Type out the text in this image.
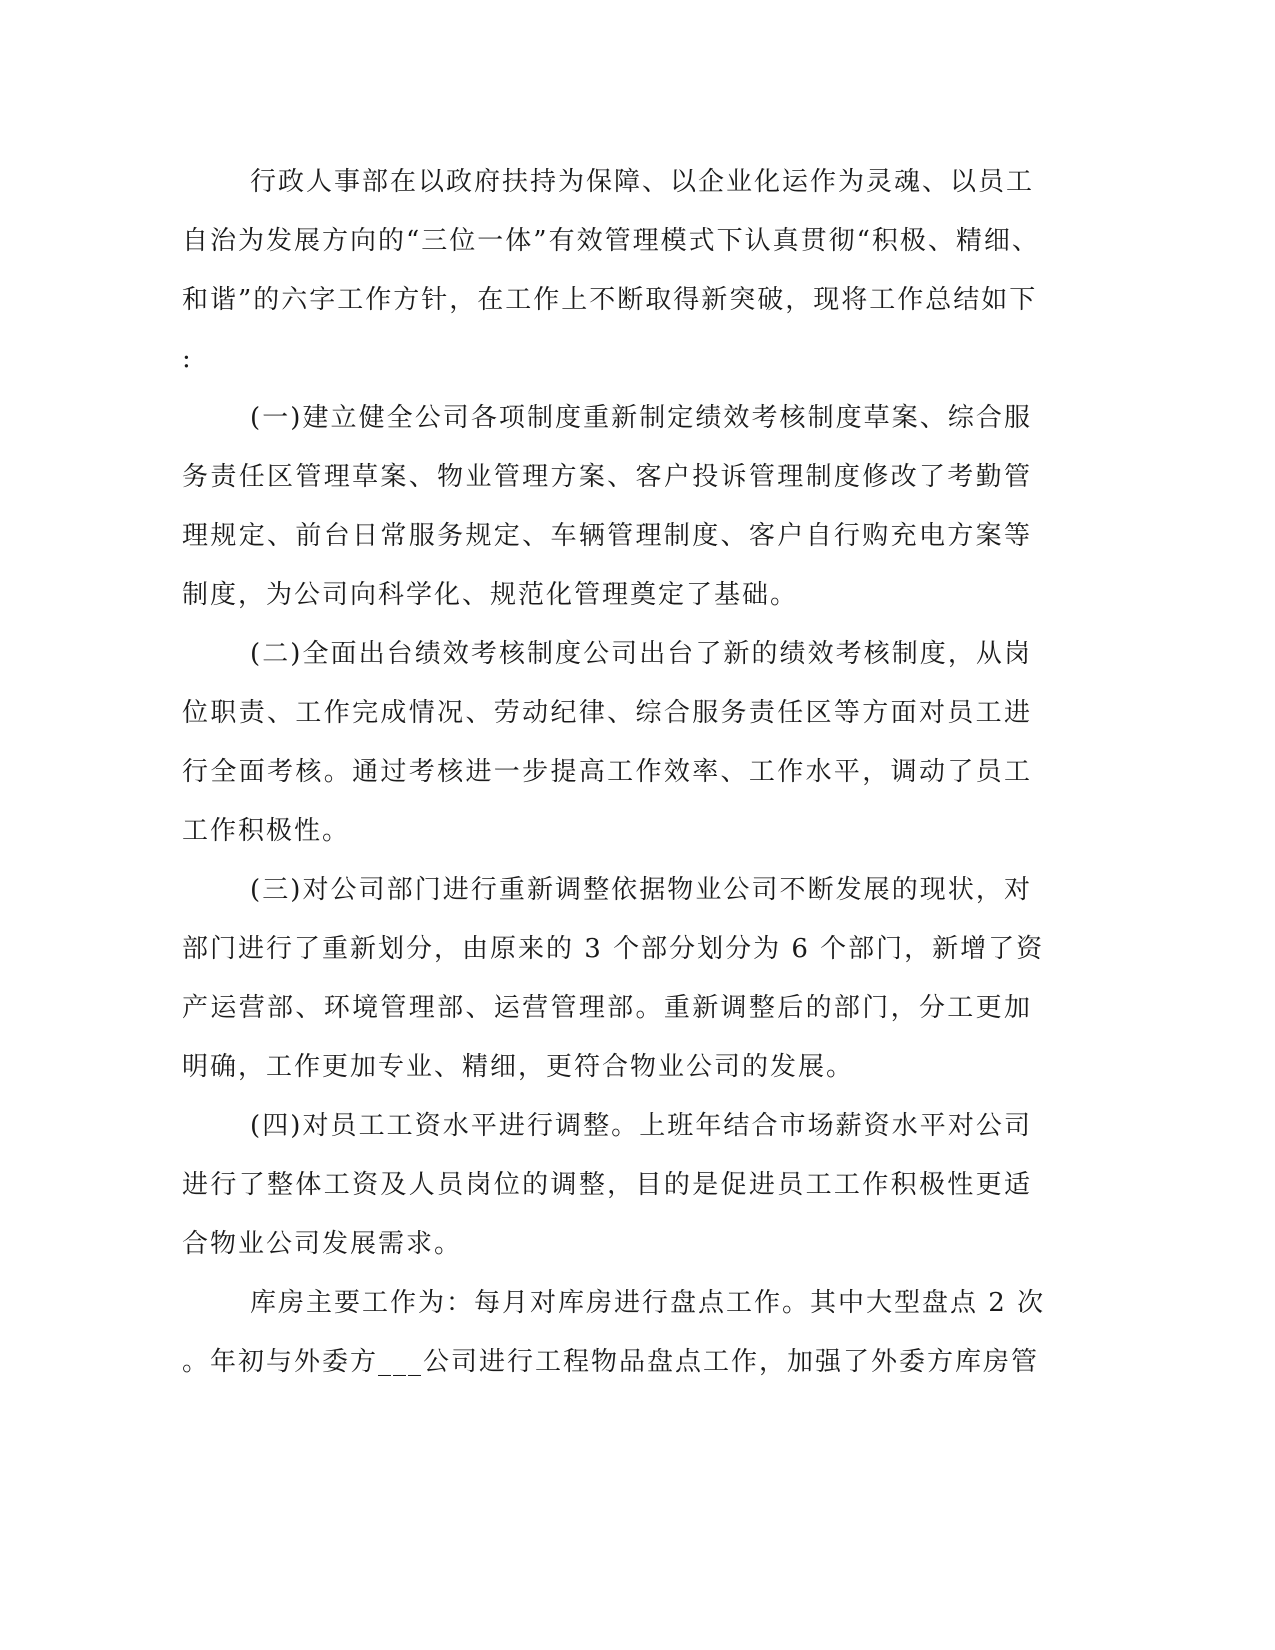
行政人事部在以政府扶持为保障、以企业化运作为灵魂、以员工
自治为发展方向的“三位一体”有效管理模式下认真贯彻“积极、精细、
和谐”的六字工作方针，在工作上不断取得新突破，现将工作总结如下
:
(一)建立健全公司各项制度重新制定绩效考核制度草案、综合服
务责任区管理草案、物业管理方案、客户投诉管理制度修改了考勤管
理规定、前台日常服务规定、车辆管理制度、客户自行购充电方案等
制度，为公司向科学化、规范化管理奠定了基础。
(二)全面出台绩效考核制度公司出台了新的绩效考核制度，从岗
位职责、工作完成情况、劳动纪律、综合服务责任区等方面对员工进
行全面考核。通过考核进一步提高工作效率、工作水平，调动了员工
工作积极性。
(三)对公司部门进行重新调整依据物业公司不断发展的现状，对
部门进行了重新划分，由原来的 3 个部分划分为 6 个部门，新增了资
产运营部、环境管理部、运营管理部。重新调整后的部门，分工更加
明确，工作更加专业、精细，更符合物业公司的发展。
(四)对员工工资水平进行调整。上班年结合市场薪资水平对公司
进行了整体工资及人员岗位的调整，目的是促进员工工作积极性更适
合物业公司发展需求。
库房主要工作为：每月对库房进行盘点工作。其中大型盘点 2 次
。年初与外委方___公司进行工程物品盘点工作，加强了外委方库房管
